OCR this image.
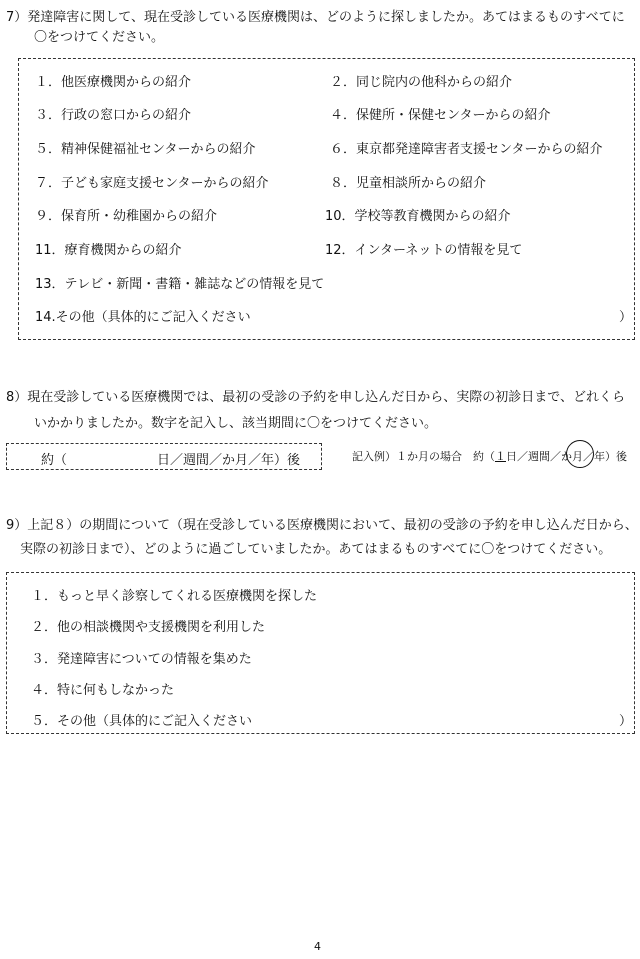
7）発達障害に関して、現在受診している医療機関は、どのように探しましたか。あてはまるものすべてに
〇をつけてください。
１．他医療機関からの紹介	２．同じ院内の他科からの紹介
３．行政の窓口からの紹介	４．保健所・保健センターからの紹介
５．精神保健福祉センターからの紹介	６．東京都発達障害者支援センターからの紹介
７．子ども家庭支援センターからの紹介	８．児童相談所からの紹介
９．保育所・幼稚園からの紹介	10．学校等教育機関からの紹介
11．療育機関からの紹介	12．インターネットの情報を見て
13．テレビ・新聞・書籍・雑誌などの情報を見て
14.その他（具体的にご記入ください	）
8）現在受診している医療機関では、最初の受診の予約を申し込んだ日から、実際の初診日まで、どれくら
いかかりましたか。数字を記入し、該当期間に〇をつけてください。
約（	日／週間／か月／年）後	記入例）１か月の場合　約（１日／週間／か月／年）後
9）上記８）の期間について（現在受診している医療機関において、最初の受診の予約を申し込んだ日から、
実際の初診日まで）、どのように過ごしていましたか。あてはまるものすべてに〇をつけてください。
１．もっと早く診察してくれる医療機関を探した
２．他の相談機関や支援機関を利用した
３．発達障害についての情報を集めた
４．特に何もしなかった
５．その他（具体的にご記入ください	）
4
